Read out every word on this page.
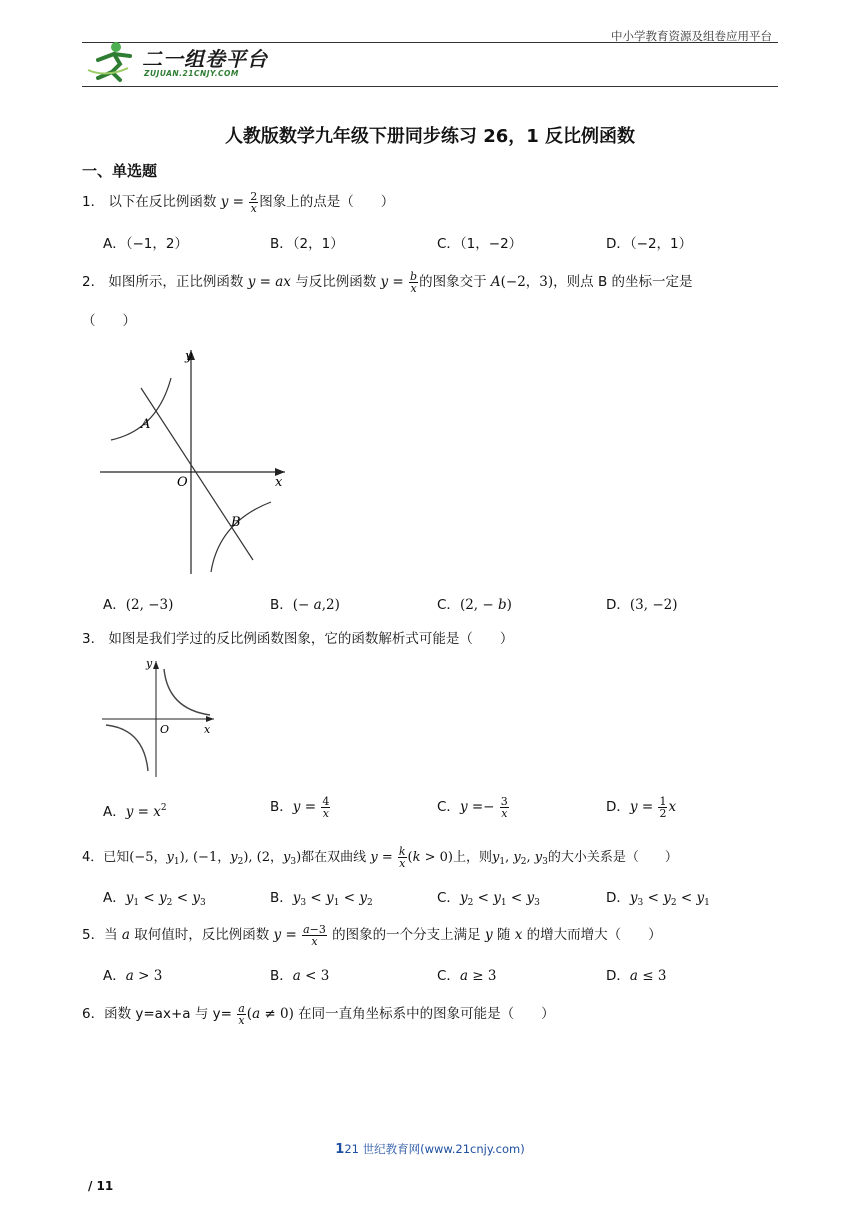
中小学教育资源及组卷应用平台
二一组卷平台
ZUJUAN.21CNJY.COM
人教版数学九年级下册同步练习 26，1 反比例函数
一、单选题
1． 以下在反比例函数 $y = \frac{2}{x}$ 图象上的点是（　　）
A．（−1，2）	B．（2，1）	C．（1，−2）	D．（−2，1）
2． 如图所示，正比例函数 y = ax 与反比例函数 $y = \frac{b}{x}$ 的图象交于 A(−2，3)，则点 B 的坐标一定是
（　　）
y
x
O
A
B
A．(2, −3)	B．(− a,2)	C．(2, − b)	D．(3, −2)
3． 如图是我们学过的反比例函数图象，它的函数解析式可能是（　　）
y
x
O
A．$y = x^2$	B．$y = \frac{4}{x}$	C．$y =- \frac{3}{x}$	D．$y = \frac{1}{2}$ x
4．已知(−5，$y_1$), (−1，$y_2$), (2，$y_3$)都在双曲线 $y = \frac{k}{x} (k > 0)$上，则$y_1$, $y_2$, $y_3$的大小关系是（　　）
A．$y_1 < y_2 < y_3$	B．$y_3 < y_1 < y_2$	C．$y_2 < y_1 < y_3$	D．$y_3 < y_2 < y_1$
5．当 a 取何值时，反比例函数 $y = \frac{a-3}{x}$ 的图象的一个分支上满足 y 随 x 的增大而增大（　　）
A．a > 3	B．a < 3	C．a ≥ 3	D．a ≤ 3
6．函数 y=ax+a 与 $y= \frac{a}{x} (a \ne 0)$ 在同一直角坐标系中的图象可能是（　　）
121 世纪教育网(www.21cnjy.com)
/ 11
